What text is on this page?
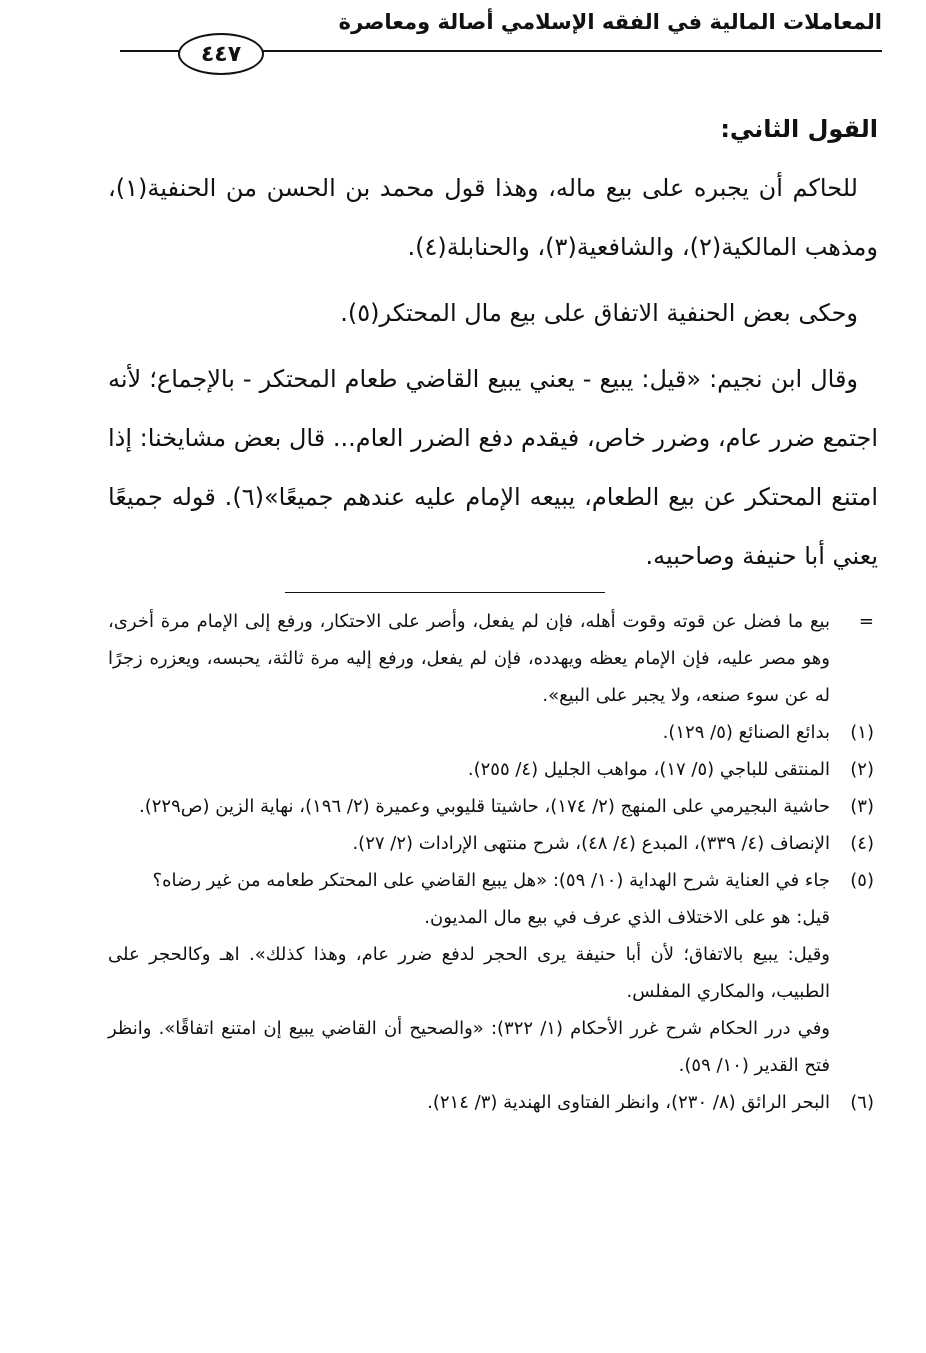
المعاملات المالية في الفقه الإسلامي أصالة ومعاصرة
٤٤٧

القول الثاني:

للحاكم أن يجبره على بيع ماله، وهذا قول محمد بن الحسن من الحنفية(١)، ومذهب المالكية(٢)، والشافعية(٣)، والحنابلة(٤).

وحكى بعض الحنفية الاتفاق على بيع مال المحتكر(٥).

وقال ابن نجيم: «قيل: يبيع - يعني يبيع القاضي طعام المحتكر - بالإجماع؛ لأنه اجتمع ضرر عام، وضرر خاص، فيقدم دفع الضرر العام... قال بعض مشايخنا: إذا امتنع المحتكر عن بيع الطعام، يبيعه الإمام عليه عندهم جميعًا»(٦). قوله جميعًا يعني أبا حنيفة وصاحبيه.

=
بيع ما فضل عن قوته وقوت أهله، فإن لم يفعل، وأصر على الاحتكار، ورفع إلى الإمام مرة أخرى، وهو مصر عليه، فإن الإمام يعظه ويهدده، فإن لم يفعل، ورفع إليه مرة ثالثة، يحبسه، ويعزره زجرًا له عن سوء صنعه، ولا يجبر على البيع».
(١)
بدائع الصنائع (٥/ ١٢٩).
(٢)
المنتقى للباجي (٥/ ١٧)، مواهب الجليل (٤/ ٢٥٥).
(٣)
حاشية البجيرمي على المنهج (٢/ ١٧٤)، حاشيتا قليوبي وعميرة (٢/ ١٩٦)، نهاية الزين (ص٢٢٩).
(٤)
الإنصاف (٤/ ٣٣٩)، المبدع (٤/ ٤٨)، شرح منتهى الإرادات (٢/ ٢٧).
(٥)
جاء في العناية شرح الهداية (١٠/ ٥٩): «هل يبيع القاضي على المحتكر طعامه من غير رضاه؟

قيل: هو على الاختلاف الذي عرف في بيع مال المديون.

وقيل: يبيع بالاتفاق؛ لأن أبا حنيفة يرى الحجر لدفع ضرر عام، وهذا كذلك». اهـ وكالحجر على الطبيب، والمكاري المفلس.

وفي درر الحكام شرح غرر الأحكام (١/ ٣٢٢): «والصحيح أن القاضي يبيع إن امتنع اتفاقًا». وانظر فتح القدير (١٠/ ٥٩).

(٦)
البحر الرائق (٨/ ٢٣٠)، وانظر الفتاوى الهندية (٣/ ٢١٤).
